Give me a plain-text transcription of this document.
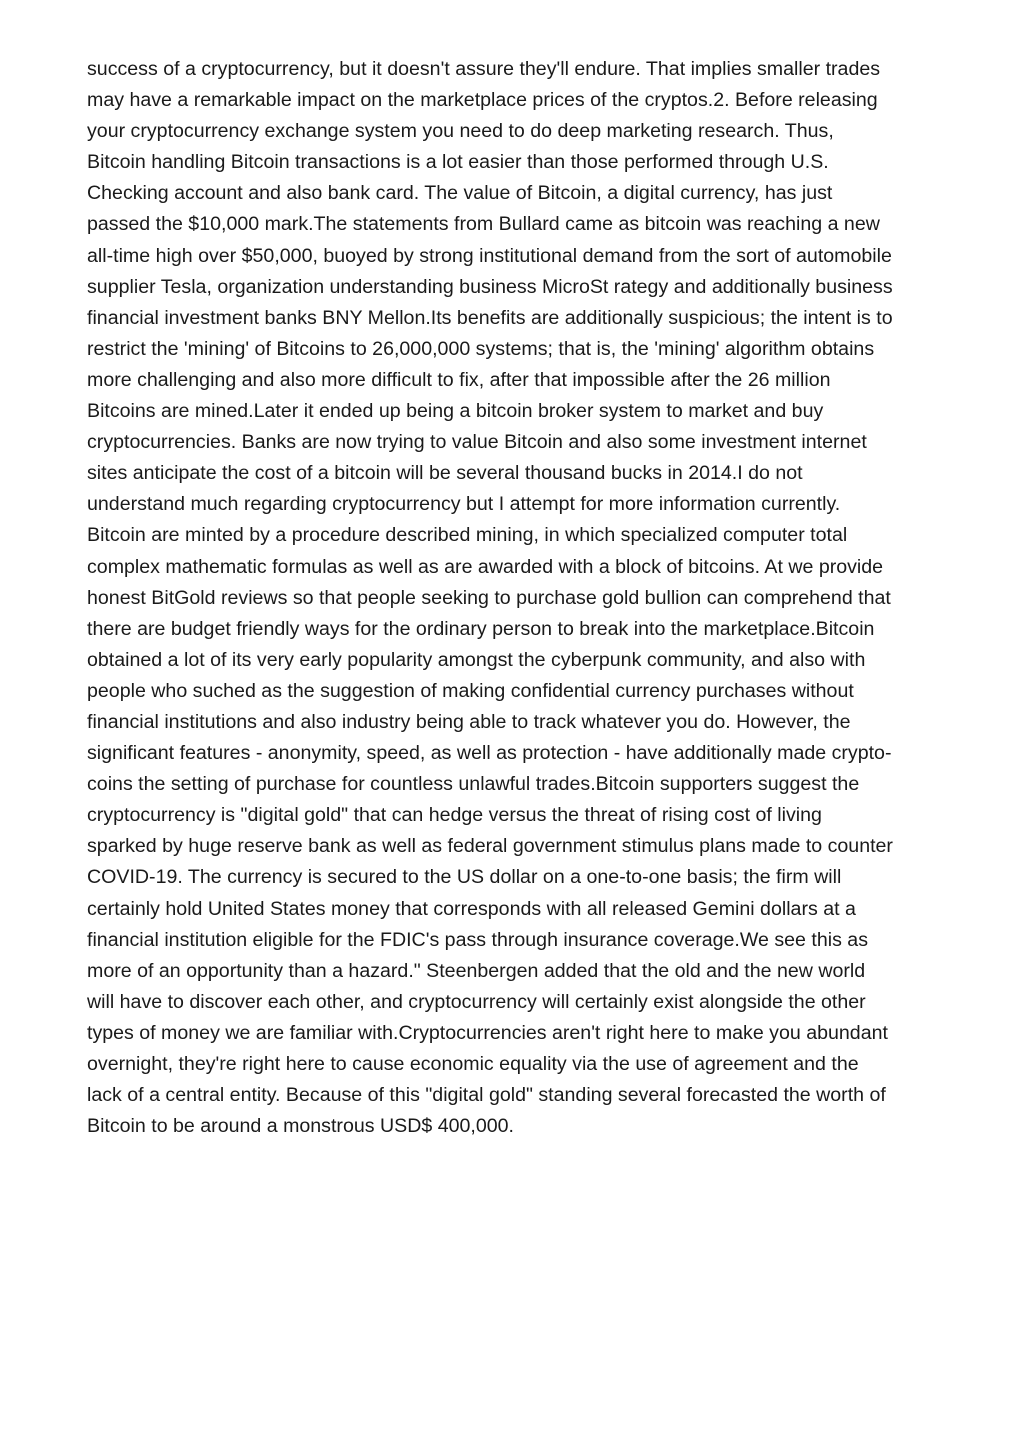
success of a cryptocurrency, but it doesn't assure they'll endure. That implies smaller trades
may have a remarkable impact on the marketplace prices of the cryptos.2. Before releasing
your cryptocurrency exchange system you need to do deep marketing research. Thus,
Bitcoin handling Bitcoin transactions is a lot easier than those performed through U.S.
Checking account and also bank card. The value of Bitcoin, a digital currency, has just
passed the $10,000 mark.The statements from Bullard came as bitcoin was reaching a new
all-time high over $50,000, buoyed by strong institutional demand from the sort of automobile
supplier Tesla, organization understanding business MicroSt rategy and additionally business
financial investment banks BNY Mellon.Its benefits are additionally suspicious; the intent is to
restrict the 'mining' of Bitcoins to 26,000,000 systems; that is, the 'mining' algorithm obtains
more challenging and also more difficult to fix, after that impossible after the 26 million
Bitcoins are mined.Later it ended up being a bitcoin broker system to market and buy
cryptocurrencies. Banks are now trying to value Bitcoin and also some investment internet
sites anticipate the cost of a bitcoin will be several thousand bucks in 2014.I do not
understand much regarding cryptocurrency but I attempt for more information currently.
Bitcoin are minted by a procedure described mining, in which specialized computer total
complex mathematic formulas as well as are awarded with a block of bitcoins. At we provide
honest BitGold reviews so that people seeking to purchase gold bullion can comprehend that
there are budget friendly ways for the ordinary person to break into the marketplace.Bitcoin
obtained a lot of its very early popularity amongst the cyberpunk community, and also with
people who suched as the suggestion of making confidential currency purchases without
financial institutions and also industry being able to track whatever you do. However, the
significant features - anonymity, speed, as well as protection - have additionally made crypto-
coins the setting of purchase for countless unlawful trades.Bitcoin supporters suggest the
cryptocurrency is "digital gold" that can hedge versus the threat of rising cost of living
sparked by huge reserve bank as well as federal government stimulus plans made to counter
COVID-19. The currency is secured to the US dollar on a one-to-one basis; the firm will
certainly hold United States money that corresponds with all released Gemini dollars at a
financial institution eligible for the FDIC's pass through insurance coverage.We see this as
more of an opportunity than a hazard." Steenbergen added that the old and the new world
will have to discover each other, and cryptocurrency will certainly exist alongside the other
types of money we are familiar with.Cryptocurrencies aren't right here to make you abundant
overnight, they're right here to cause economic equality via the use of agreement and the
lack of a central entity. Because of this "digital gold" standing several forecasted the worth of
Bitcoin to be around a monstrous USD$ 400,000.
